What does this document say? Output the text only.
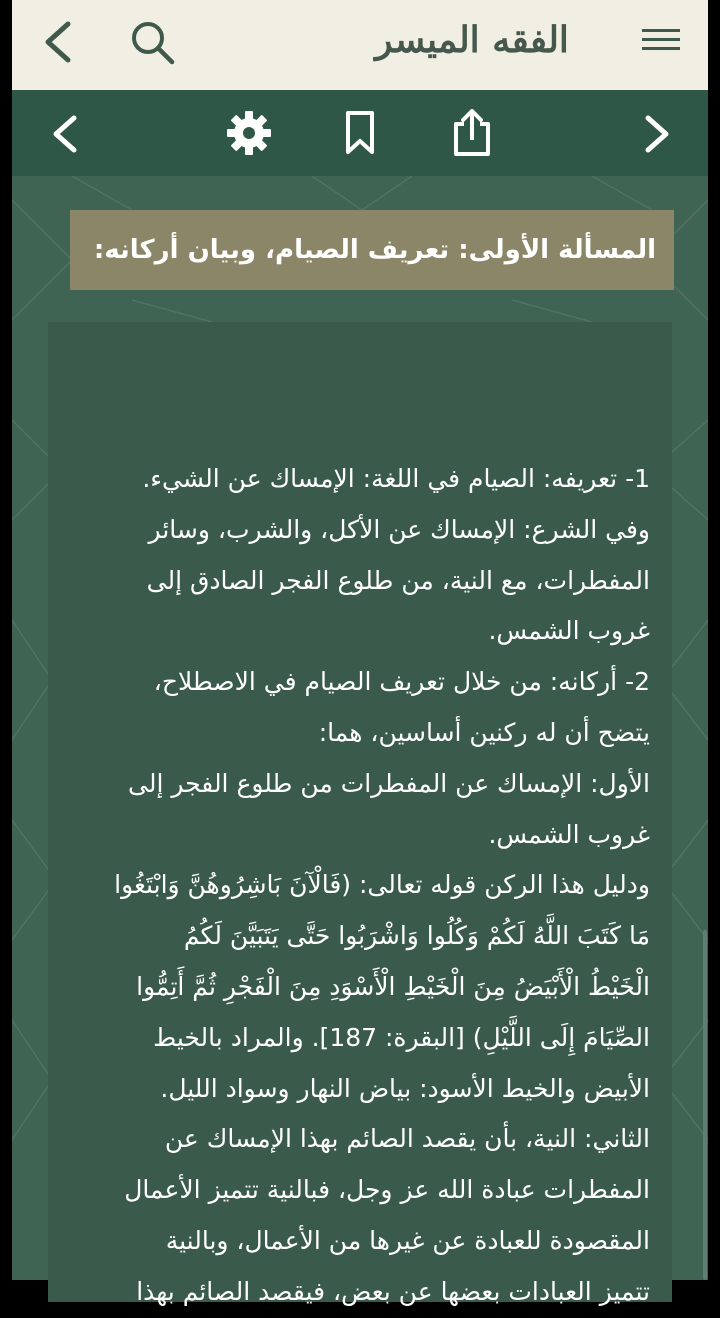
الفقه الميسر
المسألة الأولى: تعريف الصيام، وبيان أركانه:

1- تعريفه: الصيام في اللغة: الإمساك عن الشيء.

وفي الشرع: الإمساك عن الأكل، والشرب، وسائر

المفطرات، مع النية، من طلوع الفجر الصادق إلى

غروب الشمس.

2- أركانه: من خلال تعريف الصيام في الاصطلاح،

يتضح أن له ركنين أساسين، هما:

الأول: الإمساك عن المفطرات من طلوع الفجر إلى

غروب الشمس.

ودليل هذا الركن قوله تعالى: (فَالْآنَ بَاشِرُوهُنَّ وَابْتَغُوا

مَا كَتَبَ اللَّهُ لَكُمْ وَكُلُوا وَاشْرَبُوا حَتَّى يَتَبَيَّنَ لَكُمُ

الْخَيْطُ الْأَبْيَضُ مِنَ الْخَيْطِ الْأَسْوَدِ مِنَ الْفَجْرِ ثُمَّ أَتِمُّوا

الصِّيَامَ إِلَى اللَّيْلِ) [البقرة: 187]. والمراد بالخيط

الأبيض والخيط الأسود: بياض النهار وسواد الليل.

الثاني: النية، بأن يقصد الصائم بهذا الإمساك عن

المفطرات عبادة الله عز وجل، فبالنية تتميز الأعمال

المقصودة للعبادة عن غيرها من الأعمال، وبالنية

تتميز العبادات بعضها عن بعض، فيقصد الصائم بهذا
